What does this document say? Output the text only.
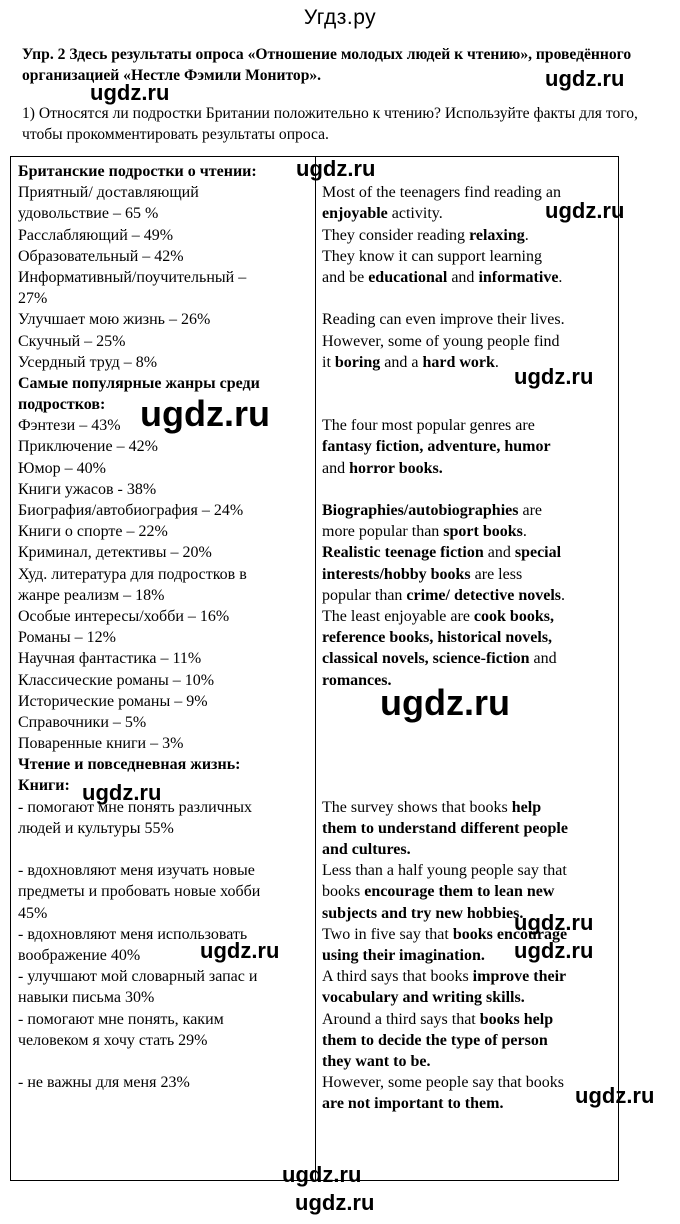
Угдз.ру
Упр. 2 Здесь результаты опроса «Отношение молодых людей к чтению», проведённого организацией «Нестле Фэмили Монитор».
1) Относятся ли подростки Британии положительно к чтению? Используйте факты для того, чтобы прокомментировать результаты опроса.
Британские подростки о чтении:
Приятный/ доставляющий
удовольствие – 65 %
Расслабляющий – 49%
Образовательный – 42%
Информативный/поучительный –
27%
Улучшает мою жизнь – 26%
Скучный – 25%
Усердный труд – 8%
Самые популярные жанры среди
подростков:
Фэнтези – 43%
Приключение – 42%
Юмор – 40%
Книги ужасов - 38%
Биография/автобиография – 24%
Книги о спорте – 22%
Криминал, детективы – 20%
Худ. литература для подростков в
жанре реализм – 18%
Особые интересы/хобби – 16%
Романы – 12%
Научная фантастика – 11%
Классические романы – 10%
Исторические романы – 9%
Справочники – 5%
Поваренные книги – 3%
Чтение и повседневная жизнь:
Книги:
- помогают мне понять различных
людей и культуры 55%

- вдохновляют меня изучать новые
предметы и пробовать новые хобби
45%
- вдохновляют меня использовать
воображение 40%
- улучшают мой словарный запас и
навыки письма 30%
- помогают мне понять, каким
человеком я хочу стать 29%

- не важны для меня 23%

Most of the teenagers find reading an
enjoyable activity.
They consider reading relaxing.
They know it can support learning
and be educational and informative.

Reading can even improve their lives.
However, some of young people find
it boring and a hard work.

The four most popular genres are
fantasy fiction, adventure, humor
and horror books.

Biographies/autobiographies are
more popular than sport books.
Realistic teenage fiction and special
interests/hobby books are less
popular than crime/ detective novels.
The least enjoyable are cook books,
reference books, historical novels,
classical novels, science-fiction and
romances.

The survey shows that books help
them to understand different people
and cultures.
Less than a half young people say that
books encourage them to lean new
subjects and try new hobbies.
Two in five say that books encourage
using their imagination.
A third says that books improve their
vocabulary and writing skills.
Around a third says that books help
them to decide the type of person
they want to be.
However, some people say that books
are not important to them.
ugdz.ru
ugdz.ru
ugdz.ru
ugdz.ru
ugdz.ru
ugdz.ru
ugdz.ru
ugdz.ru
ugdz.ru
ugdz.ru	ugdz.ru
ugdz.ru
ugdz.ru
ugdz.ru
